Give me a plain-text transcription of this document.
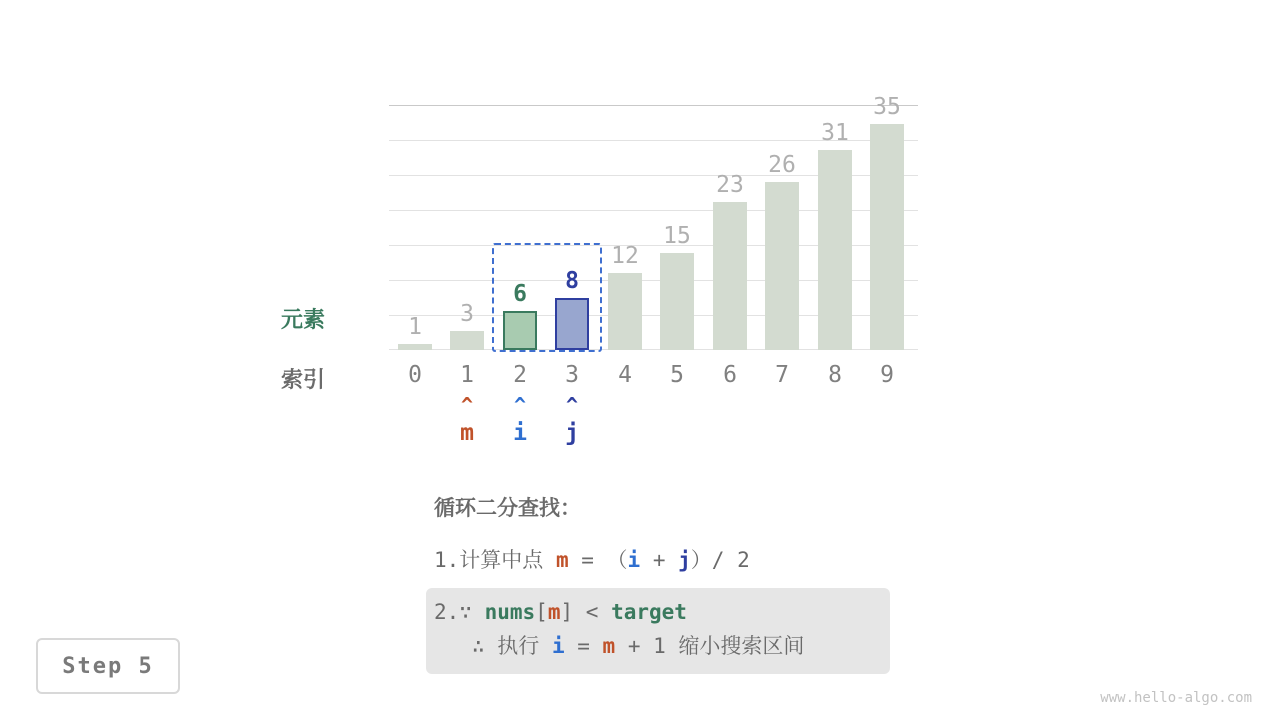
1	3
6	8
12
15
23
26
31
35
元素
索引	0	1	2	3	4	5	6	7	8	9
^	^	^
m	i	j
循环二分查找：
1.计算中点 m = （i + j）/ 2
2.∵ nums[m] < target
∴ 执行 i = m + 1 缩小搜索区间
Step 5
www.hello-algo.com
